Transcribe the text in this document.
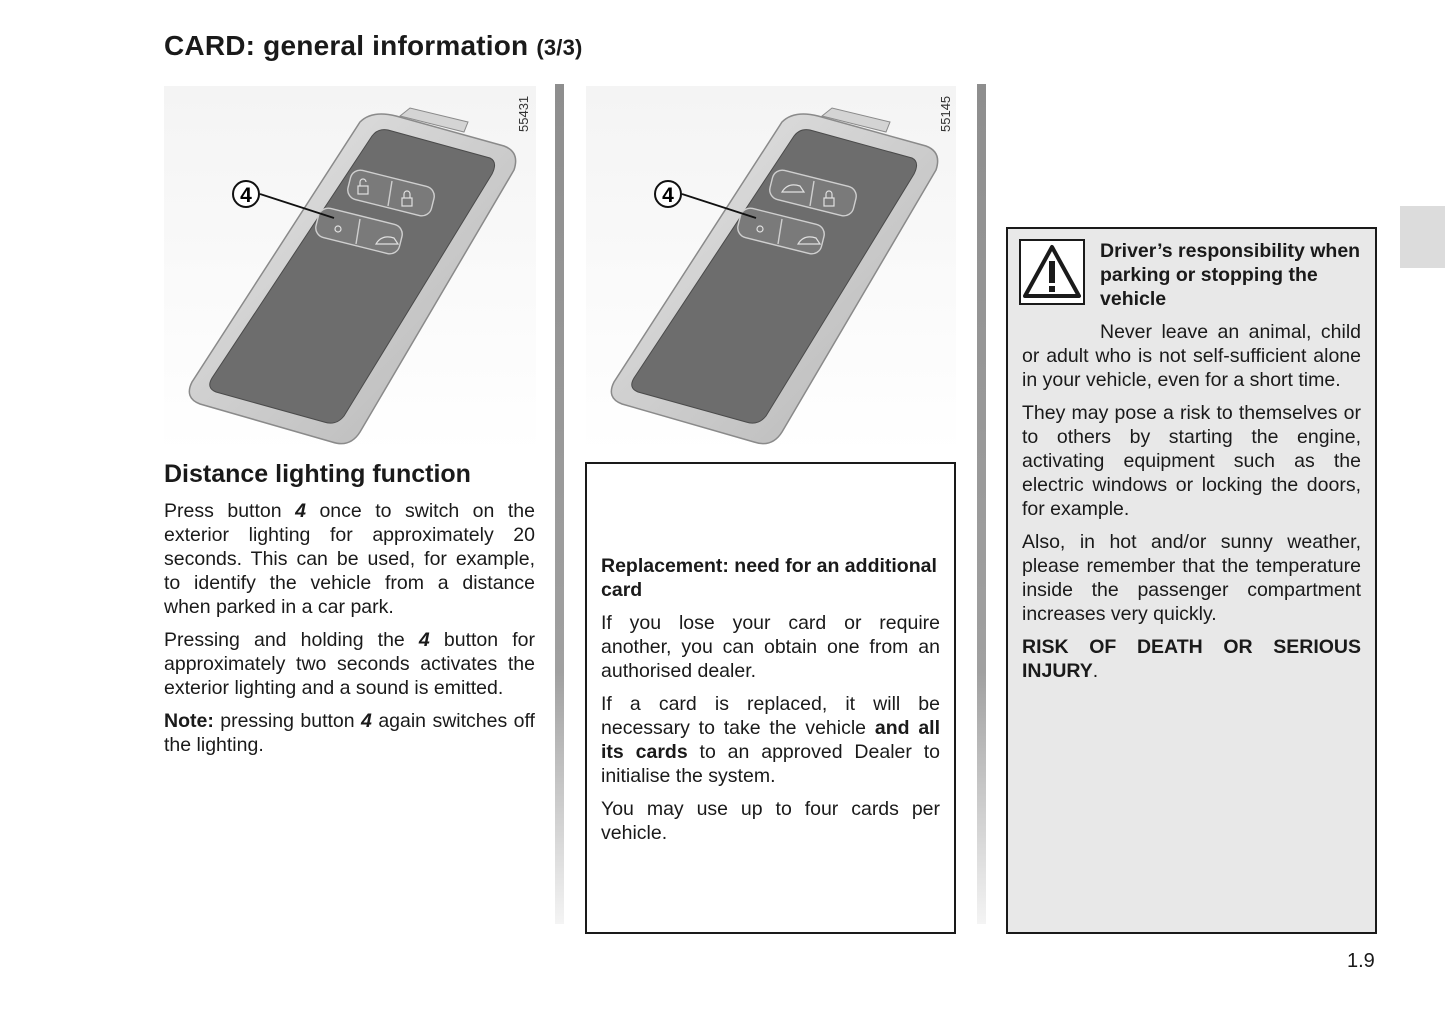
CARD: general information (3/3)
4
55431
4
55145
Distance lighting function

Press button 4 once to switch on the exterior lighting for approximately 20 seconds. This can be used, for example, to identify the vehicle from a distance when parked in a car park.

Pressing and holding the 4 button for approximately two seconds activates the exterior lighting and a sound is emitted.

Note: pressing button 4 again switches off the lighting.

Replacement: need for an additional card

If you lose your card or require another, you can obtain one from an authorised dealer.

If a card is replaced, it will be necessary to take the vehicle and all its cards to an approved Dealer to initialise the system.

You may use up to four cards per vehicle.

Driver’s responsibility when parking or stopping the vehicle

Never leave an animal, child or adult who is not self-sufficient alone in your vehicle, even for a short time.

They may pose a risk to themselves or to others by starting the engine, activating equipment such as the electric windows or locking the doors, for example.

Also, in hot and/or sunny weather, please remember that the temperature inside the passenger compartment increases very quickly.

RISK OF DEATH OR SERIOUS INJURY.

1.9
